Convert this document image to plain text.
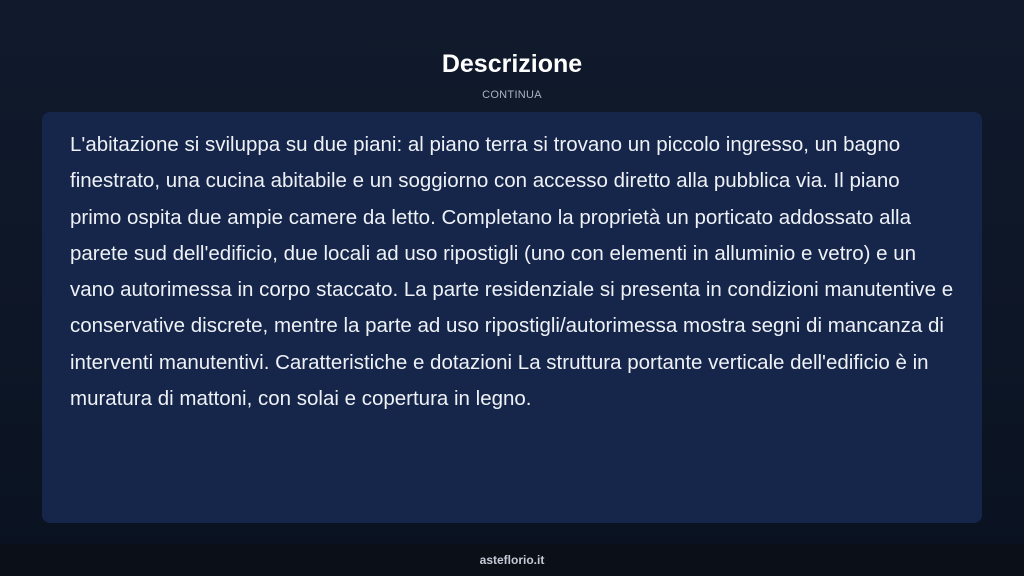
Descrizione
CONTINUA

L'abitazione si sviluppa su due piani: al piano terra si trovano un piccolo ingresso, un bagno finestrato, una cucina abitabile e un soggiorno con accesso diretto alla pubblica via. Il piano primo ospita due ampie camere da letto. Completano la proprietà un porticato addossato alla parete sud dell'edificio, due locali ad uso ripostigli (uno con elementi in alluminio e vetro) e un vano autorimessa in corpo staccato. La parte residenziale si presenta in condizioni manutentive e conservative discrete, mentre la parte ad uso ripostigli/autorimessa mostra segni di mancanza di interventi manutentivi. Caratteristiche e dotazioni La struttura portante verticale dell'edificio è in muratura di mattoni, con solai e copertura in legno.

asteflorio.it
